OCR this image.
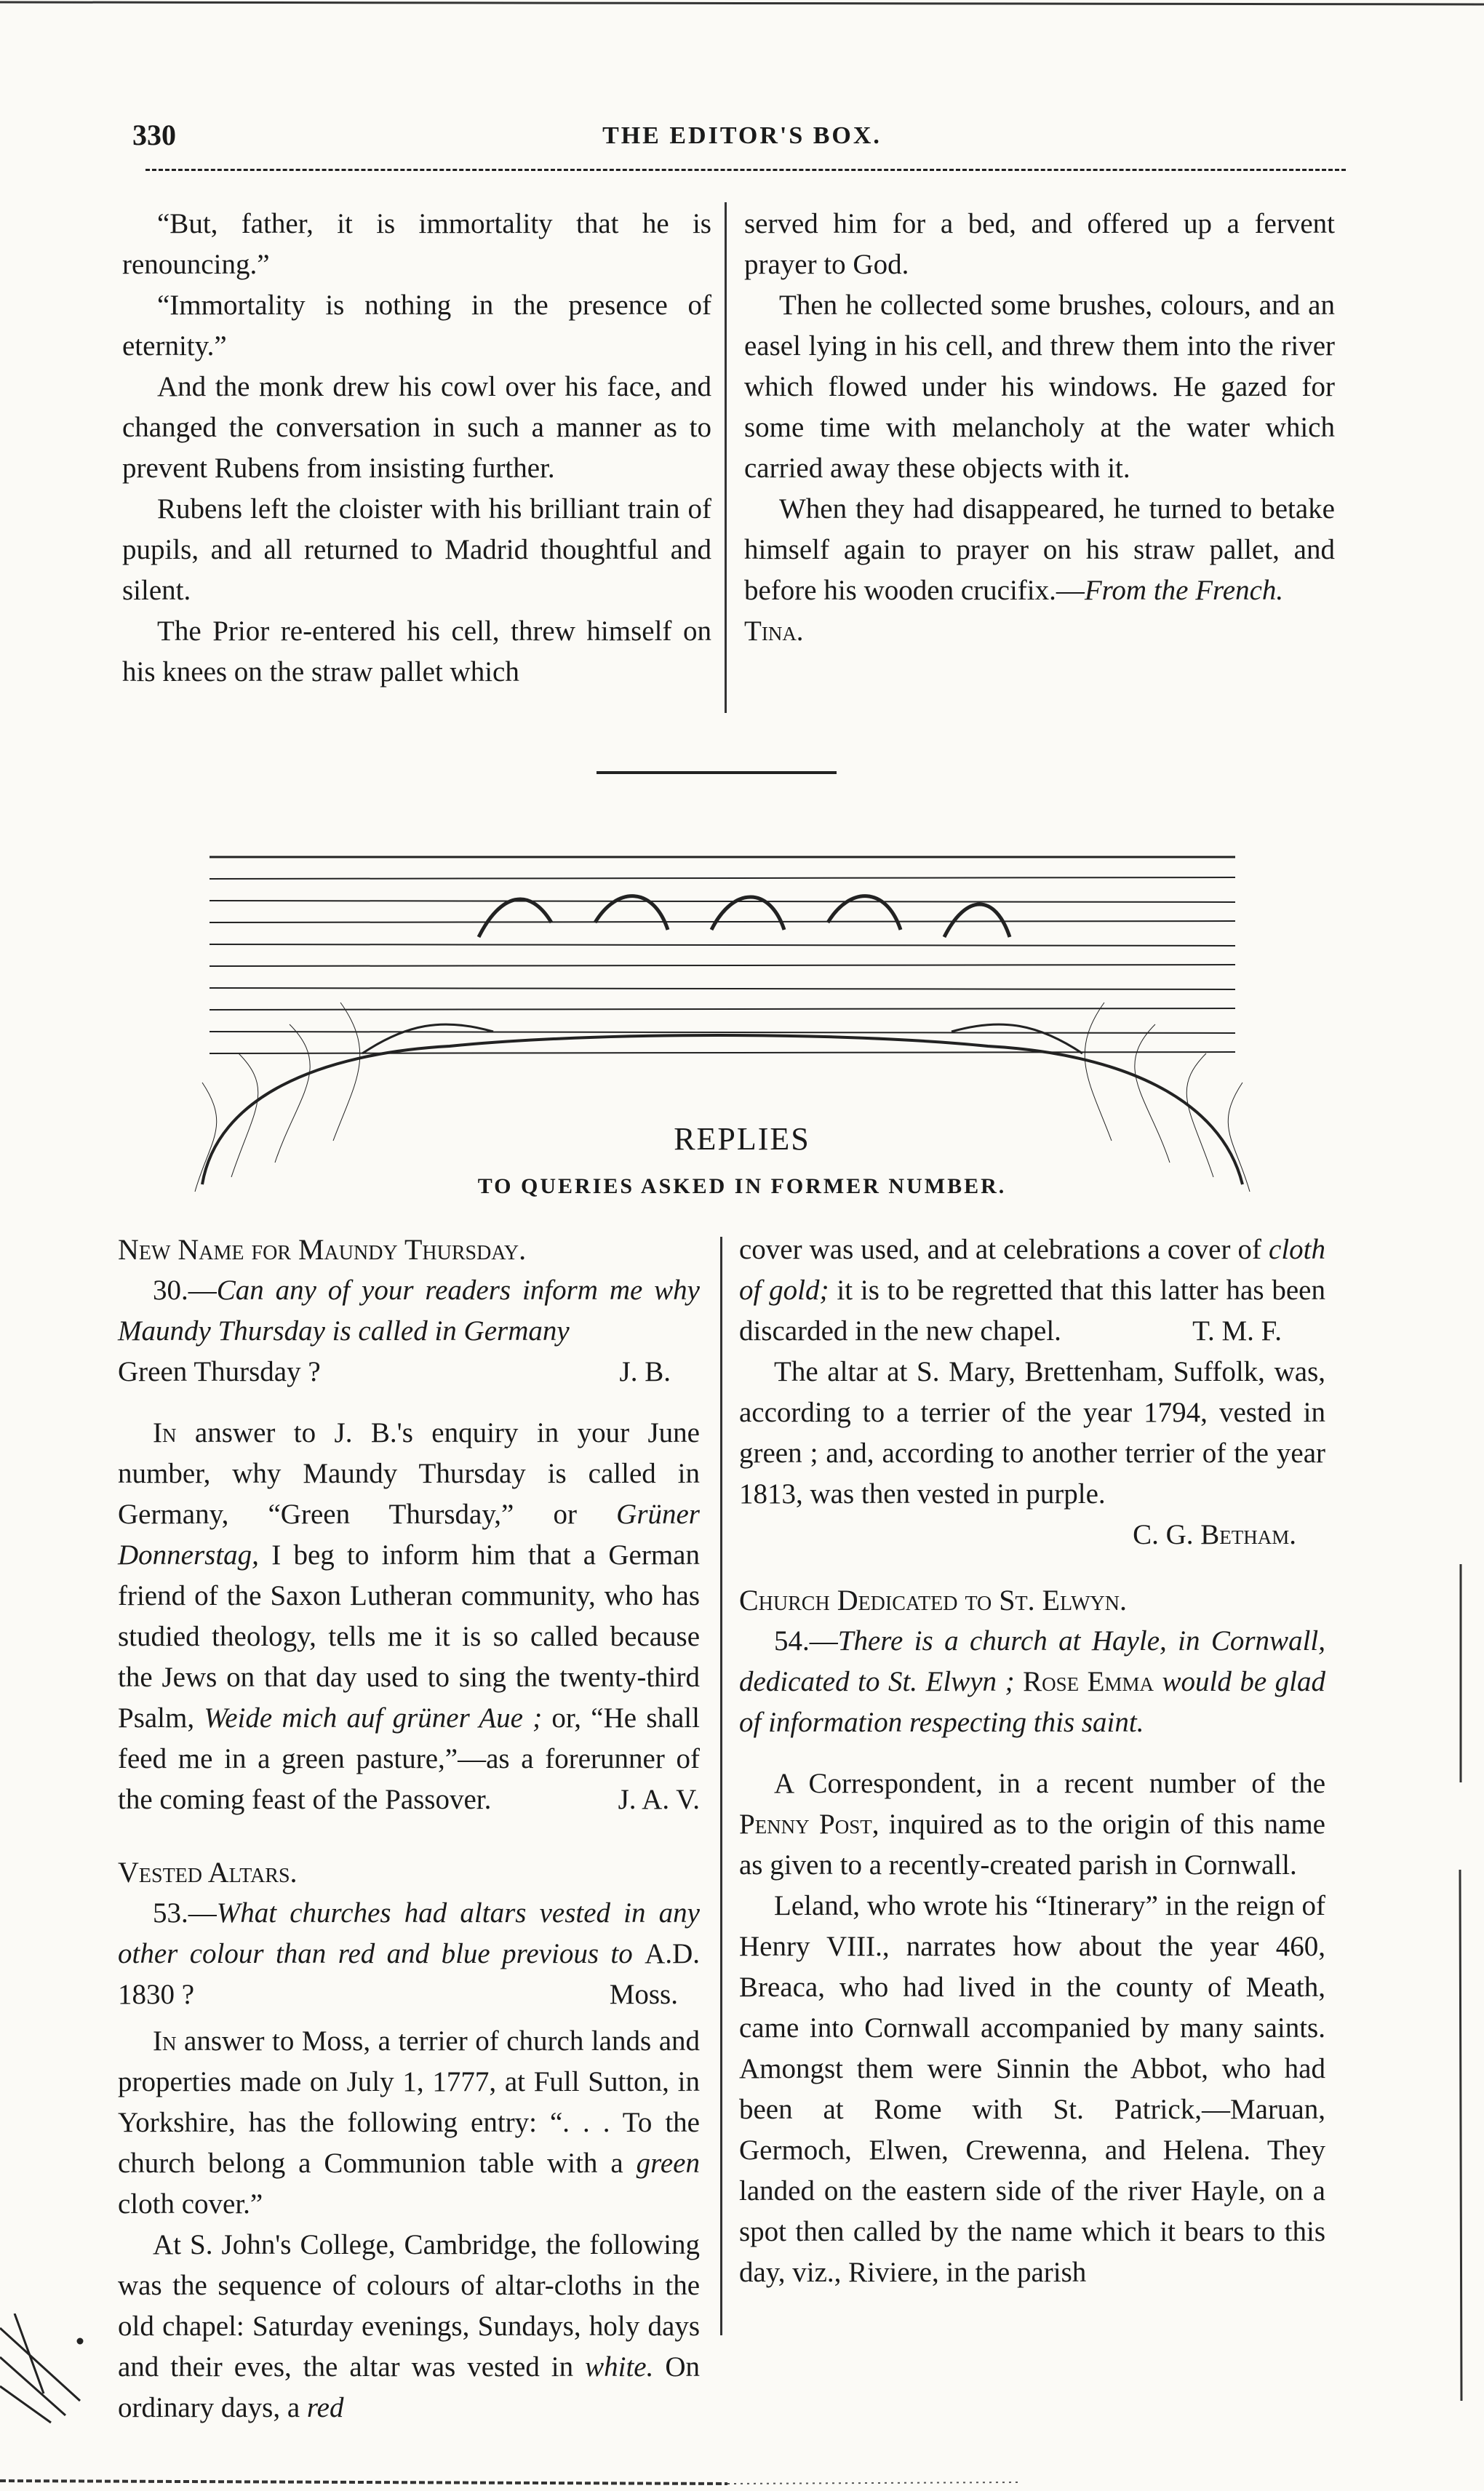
330	THE EDITOR'S BOX.

“But, father, it is immortality that he is renouncing.”

“Immortality is nothing in the presence of eternity.”

And the monk drew his cowl over his face, and changed the conversation in such a manner as to prevent Rubens from insisting further.

Rubens left the cloister with his brilliant train of pupils, and all returned to Madrid thoughtful and silent.

The Prior re-entered his cell, threw himself on his knees on the straw pallet which

served him for a bed, and offered up a fervent prayer to God.

Then he collected some brushes, colours, and an easel lying in his cell, and threw them into the river which flowed under his windows. He gazed for some time with melancholy at the water which carried away these objects with it.

When they had disappeared, he turned to betake himself again to prayer on his straw pallet, and before his wooden crucifix.—From the French.

Tina.

REPLIES
TO QUERIES ASKED IN FORMER NUMBER.

New Name for Maundy Thursday.

30.—Can any of your readers inform me why Maundy Thursday is called in Germany

Green Thursday ?	J. B.

In answer to J. B.'s enquiry in your June number, why Maundy Thursday is called in Germany, “Green Thursday,” or Grüner Donnerstag, I beg to inform him that a German friend of the Saxon Lutheran community, who has studied theology, tells me it is so called because the Jews on that day used to sing the twenty-third Psalm, Weide mich auf grüner Aue ; or, “He shall feed me in a green pasture,”—as a forerunner of the coming feast of the Passover.	J. A. V.

Vested Altars.

53.—What churches had altars vested in any other colour than red and blue previous to A.D. 1830 ?	Moss.

In answer to Moss, a terrier of church lands and properties made on July 1, 1777, at Full Sutton, in Yorkshire, has the following entry: “. . . To the church belong a Communion table with a green cloth cover.”

At S. John's College, Cambridge, the following was the sequence of colours of altar-cloths in the old chapel: Saturday evenings, Sundays, holy days and their eves, the altar was vested in white. On ordinary days, a red

cover was used, and at celebrations a cover of cloth of gold; it is to be regretted that this latter has been discarded in the new chapel.	T. M. F.

The altar at S. Mary, Brettenham, Suffolk, was, according to a terrier of the year 1794, vested in green ; and, according to another terrier of the year 1813, was then vested in purple.
C. G. Betham.

Church Dedicated to St. Elwyn.

54.—There is a church at Hayle, in Cornwall, dedicated to St. Elwyn ; Rose Emma would be glad of information respecting this saint.

A Correspondent, in a recent number of the Penny Post, inquired as to the origin of this name as given to a recently-created parish in Cornwall.

Leland, who wrote his “Itinerary” in the reign of Henry VIII., narrates how about the year 460, Breaca, who had lived in the county of Meath, came into Cornwall accompanied by many saints. Amongst them were Sinnin the Abbot, who had been at Rome with St. Patrick,—Maruan, Germoch, Elwen, Crewenna, and Helena. They landed on the eastern side of the river Hayle, on a spot then called by the name which it bears to this day, viz., Riviere, in the parish
